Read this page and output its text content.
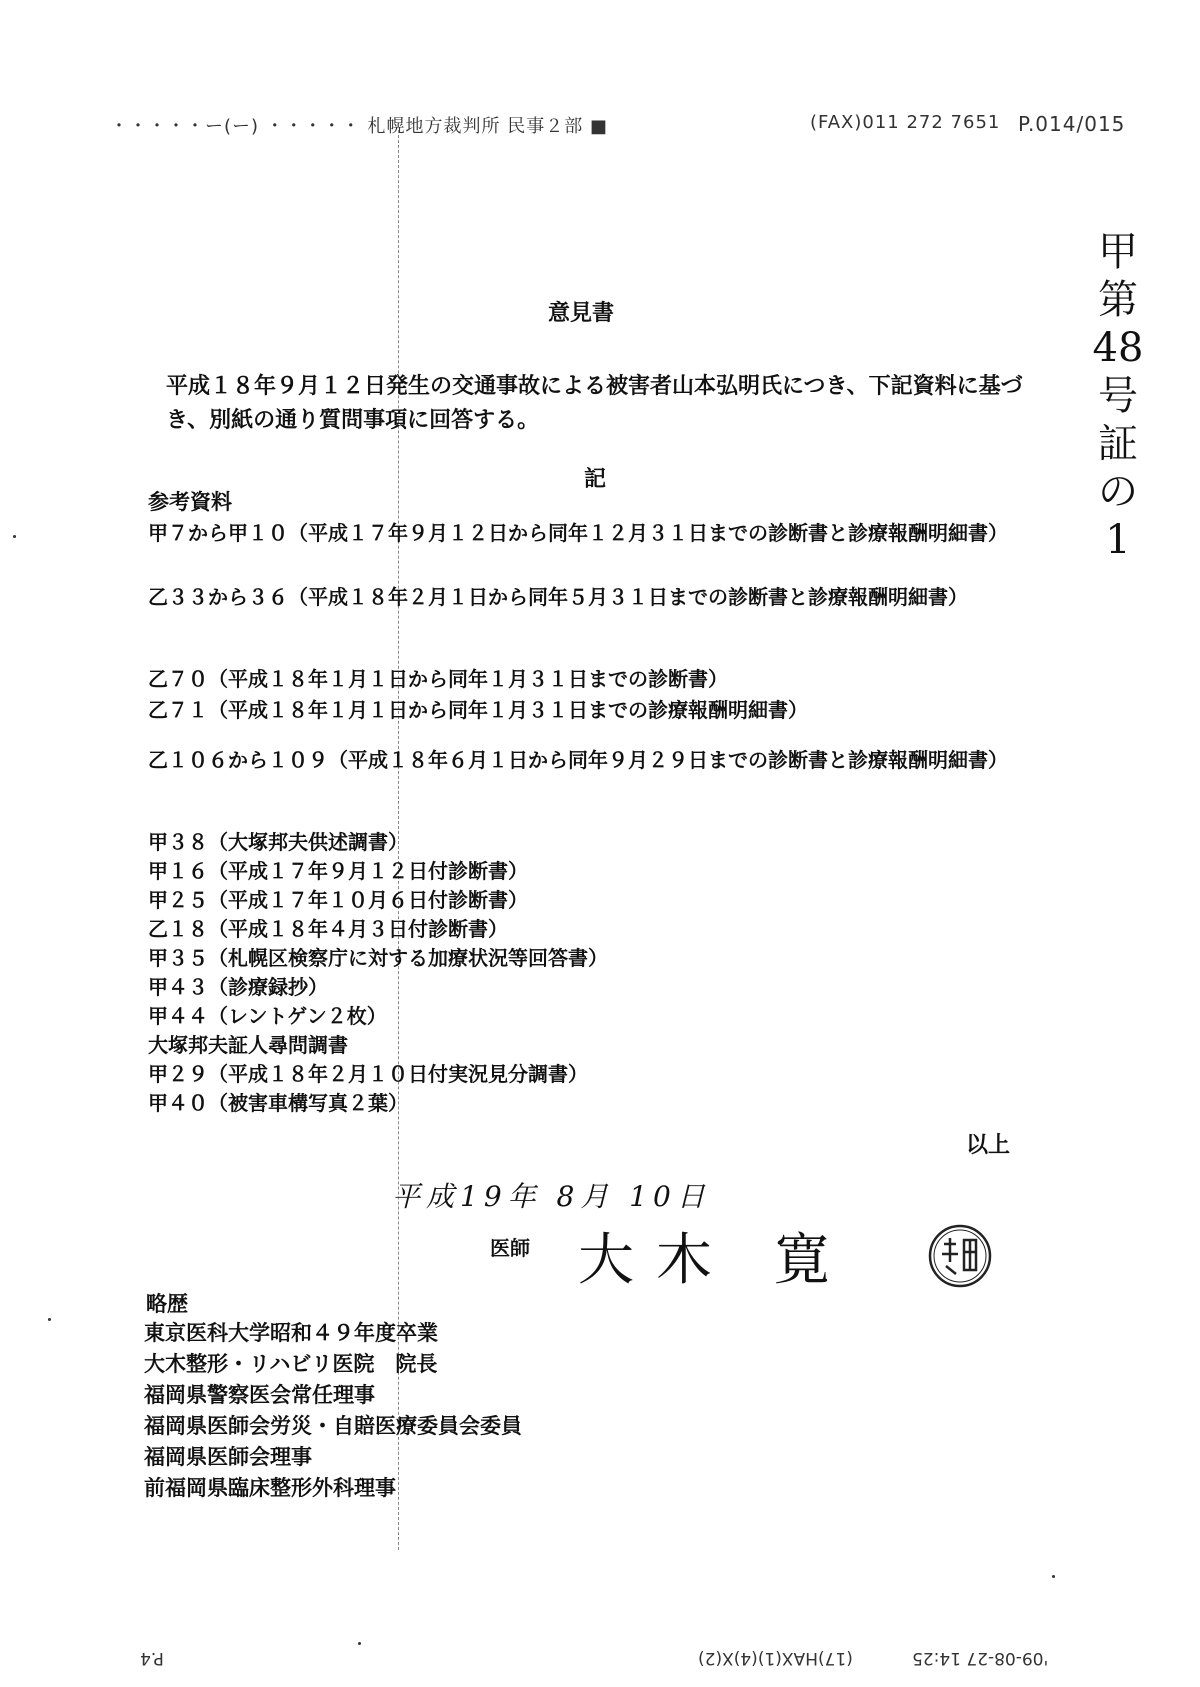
・・・・・ー(ー) ・・・・・ 札幌地方裁判所 民事２部 ■	(FAX)011 272 7651 P.014/015
甲
第
48
号
証
の
1
意見書
平成１８年９月１２日発生の交通事故による被害者山本弘明氏につき、下記資料に基づき、別紙の通り質問事項に回答する。
記
参考資料
甲７から甲１０（平成１７年９月１２日から同年１２月３１日までの診断書と診療報酬明細書）
乙３３から３６（平成１８年２月１日から同年５月３１日までの診断書と診療報酬明細書）
乙７０（平成１８年１月１日から同年１月３１日までの診断書）
乙７１（平成１８年１月１日から同年１月３１日までの診療報酬明細書）
乙１０６から１０９（平成１８年６月１日から同年９月２９日までの診断書と診療報酬明細書）
甲３８（大塚邦夫供述調書）
甲１６（平成１７年９月１２日付診断書）
甲２５（平成１７年１０月６日付診断書）
乙１８（平成１８年４月３日付診断書）
甲３５（札幌区検察庁に対する加療状況等回答書）
甲４３（診療録抄）
甲４４（レントゲン２枚）
大塚邦夫証人尋問調書
甲２９（平成１８年２月１０日付実況見分調書）
甲４０（被害車構写真２葉）
以上
平成19年 8月 10日
医師 大木 寛
略歴
東京医科大学昭和４９年度卒業
大木整形・リハビリ医院　院長
福岡県警察医会常任理事
福岡県医師会労災・自賠医療委員会委員
福岡県医師会理事
前福岡県臨床整形外科理事
P.4	(17)HAX(1)(4)X(2)	'09-08-27 14:25
